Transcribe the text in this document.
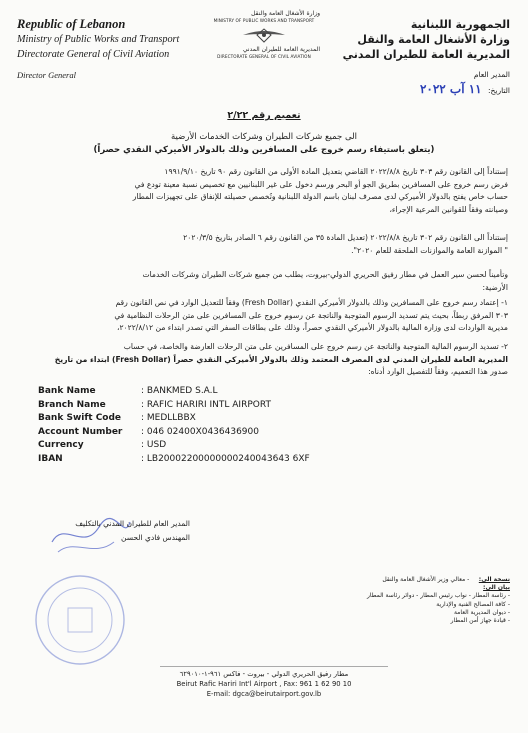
Republic of Lebanon
Ministry of Public Works and Transport
Directorate General of Civil Aviation
وزارة الأشغال العامة والنقل
MINISTRY OF PUBLIC WORKS AND TRANSPORT
المديرية العامة للطيران المدني
DIRECTORATE GENERAL OF CIVIL AVIATION
الجمهورية اللبنانية
وزارة الأشغال العامة والنقل
المديرية العامة للطيران المدني
Director General	المدير العام
التاريخ: ١١ آب ٢٠٢٢
تعميم رقم ٢/٢٢
الى جميع شركات الطيران وشركات الخدمات الأرضية
(يتعلق باستيفاء رسم خروج على المسافرين وذلك بالدولار الأميركي النقدي حصراً)

إستناداً إلى القانون رقم ٣٠٣ تاريخ ٢٠٢٢/٨/٨ القاضي بتعديل المادة الأولى من القانون رقم ٩٠ تاريخ ١٩٩١/٩/١٠

فرض رسم خروج على المسافرين بطريق الجو أو البحر ورسم دخول على غير اللبنانيين مع تخصيص نسبة معينة تودع في

حساب خاص يفتح بالدولار الأميركي لدى مصرف لبنان باسم الدولة اللبنانية وتُخصص حصيلته للإنفاق على تجهيزات المطار

وصيانته وفقاً للقوانين المرعية الإجراء،

إستناداً الى القانون رقم ٣٠٢ تاريخ ٢٠٢٢/٨/٨ (تعديل المادة ٣٥ من القانون رقم ٦ الصادر بتاريخ ٢٠٢٠/٣/٥

" الموازنة العامة والموازنات الملحقة للعام ٢٠٢٠".

وتأميناً لحسن سير العمل في مطار رفيق الحريري الدولي-بيروت، يطلب من جميع شركات الطيران وشركات الخدمات

الأرضية:

١- إعتماد رسم خروج على المسافرين وذلك بالدولار الأميركي النقدي (Fresh Dollar) وفقاً للتعديل الوارد في نص القانون رقم

٣٠٣ المرفق ربطاً، بحيث يتم تسديد الرسوم المتوجبة والناتجة عن رسوم خروج على المسافرين على متن الرحلات النظامية في

مديرية الواردات لدى وزارة المالية بالدولار الأميركي النقدي حصراً، وذلك على بطاقات السفر التي تصدر ابتداء من ٢٠٢٢/٨/١٢،

٢- تسديد الرسوم المالية المتوجبة والناتجة عن رسم خروج على المسافرين على متن الرحلات العارضة والخاصة، في حساب

المديرية العامة للطيران المدني لدى المصرف المعتمد وذلك بالدولار الأميركي النقدي حصراً (Fresh Dollar) ابتداء من تاريخ

صدور هذا التعميم، وفقاً للتفصيل الوارد أدناه:

Bank Name	: BANKMED S.A.L
Branch Name	: RAFIC HARIRI INTL AIRPORT
Bank Swift Code	: MEDLLBBX
Account Number	: 046 02400X0436436900
Currency	: USD
IBAN	: LB20002200000000240043643 6XF
المدير العام للطيران المدني بالتكليف
المهندس فادي الحسن

نسخة الى:     - معالي وزير الأشغال العامة والنقل

بيان الى:

- رئاسة المطار - نواب رئيس المطار - دوائر رئاسة المطار

- كافة المصالح الفنية والإدارية

- ديوان المديرية العامة

- قيادة جهاز أمن المطار

مطار رفيق الحريري الدولي - بيروت - فاكس ٩٦١-١-٦٢٩٠١٠

Beirut Rafic Hariri Int'l Airport , Fax: 961 1 62 90 10

E-mail: dgca@beirutairport.gov.lb
